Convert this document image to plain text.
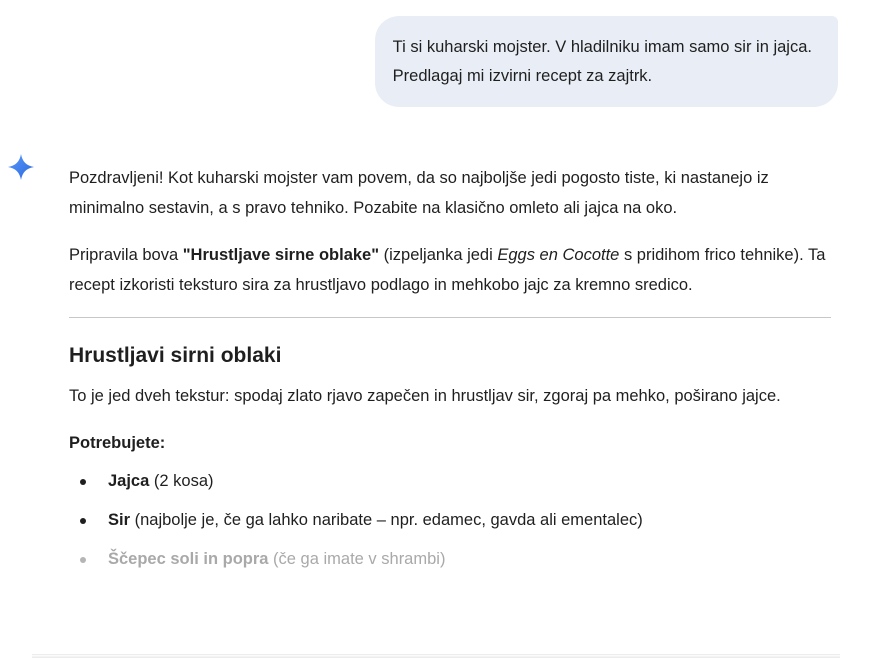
Ti si kuharski mojster. V hladilniku imam samo sir in jajca.
Predlagaj mi izvirni recept za zajtrk.

Pozdravljeni! Kot kuharski mojster vam povem, da so najboljše jedi pogosto tiste, ki nastanejo iz minimalno sestavin, a s pravo tehniko. Pozabite na klasično omleto ali jajca na oko.

Pripravila bova "Hrustljave sirne oblake" (izpeljanka jedi Eggs en Cocotte s pridihom frico tehnike). Ta recept izkoristi teksturo sira za hrustljavo podlago in mehkobo jajc za kremno sredico.

Hrustljavi sirni oblaki

To je jed dveh tekstur: spodaj zlato rjavo zapečen in hrustljav sir, zgoraj pa mehko, poširano jajce.

Potrebujete:
Jajca (2 kosa)
Sir (najbolje je, če ga lahko naribate – npr. edamec, gavda ali ementalec)
Ščepec soli in popra (če ga imate v shrambi)
